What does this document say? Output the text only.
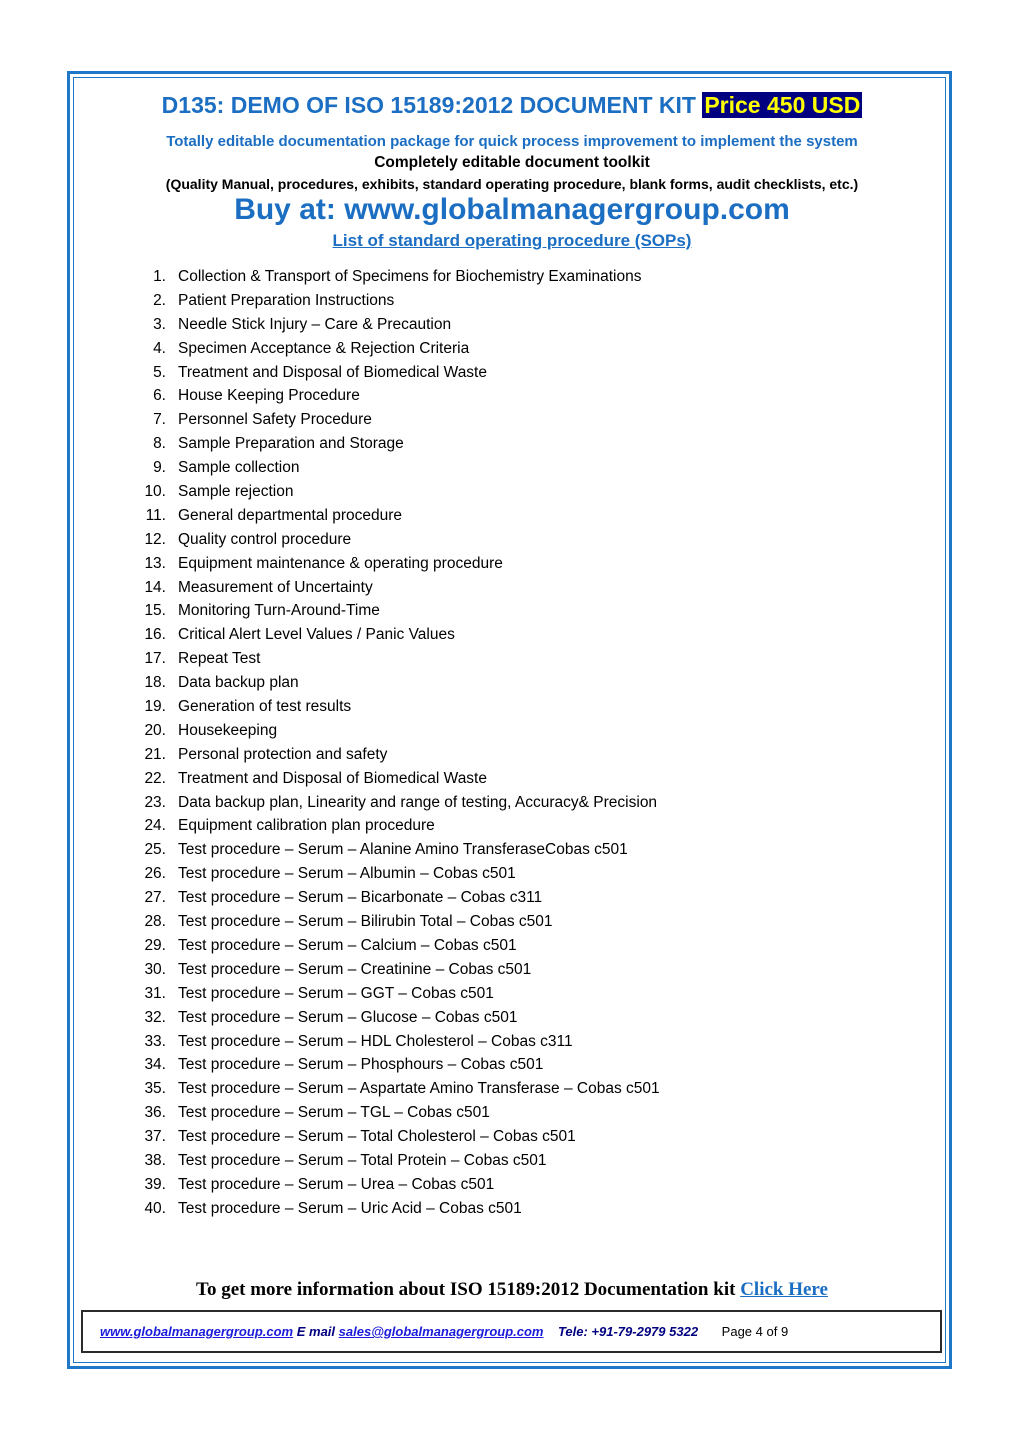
D135: DEMO OF ISO 15189:2012 DOCUMENT KIT Price 450 USD
Totally editable documentation package for quick process improvement to implement the system
Completely editable document toolkit
(Quality Manual, procedures, exhibits, standard operating procedure, blank forms, audit checklists, etc.)
Buy at: www.globalmanagergroup.com
List of standard operating procedure (SOPs)
1. Collection & Transport of Specimens for Biochemistry Examinations
2. Patient Preparation Instructions
3. Needle Stick Injury – Care & Precaution
4. Specimen Acceptance & Rejection Criteria
5. Treatment and Disposal of Biomedical Waste
6. House Keeping Procedure
7. Personnel Safety Procedure
8. Sample Preparation and Storage
9. Sample collection
10. Sample rejection
11. General departmental procedure
12. Quality control procedure
13. Equipment maintenance & operating procedure
14. Measurement of Uncertainty
15. Monitoring Turn-Around-Time
16. Critical Alert Level Values / Panic Values
17. Repeat Test
18. Data backup plan
19. Generation of test results
20. Housekeeping
21. Personal protection and safety
22. Treatment and Disposal of Biomedical Waste
23. Data backup plan, Linearity and range of testing, Accuracy& Precision
24. Equipment calibration plan procedure
25. Test procedure – Serum – Alanine Amino TransferaseCobas c501
26. Test procedure – Serum – Albumin – Cobas c501
27. Test procedure – Serum – Bicarbonate – Cobas c311
28. Test procedure – Serum – Bilirubin Total – Cobas c501
29. Test procedure – Serum – Calcium – Cobas c501
30. Test procedure – Serum – Creatinine – Cobas c501
31. Test procedure – Serum – GGT – Cobas c501
32. Test procedure – Serum – Glucose – Cobas c501
33. Test procedure – Serum – HDL Cholesterol – Cobas c311
34. Test procedure – Serum – Phosphours – Cobas c501
35. Test procedure – Serum – Aspartate Amino Transferase – Cobas c501
36. Test procedure – Serum – TGL – Cobas c501
37. Test procedure – Serum – Total Cholesterol – Cobas c501
38. Test procedure – Serum – Total Protein – Cobas c501
39. Test procedure – Serum – Urea – Cobas c501
40. Test procedure – Serum – Uric Acid – Cobas c501
To get more information about ISO 15189:2012 Documentation kit Click Here
www.globalmanagergroup.com E mail sales@globalmanagergroup.com Tele: +91-79-2979 5322 Page 4 of 9
